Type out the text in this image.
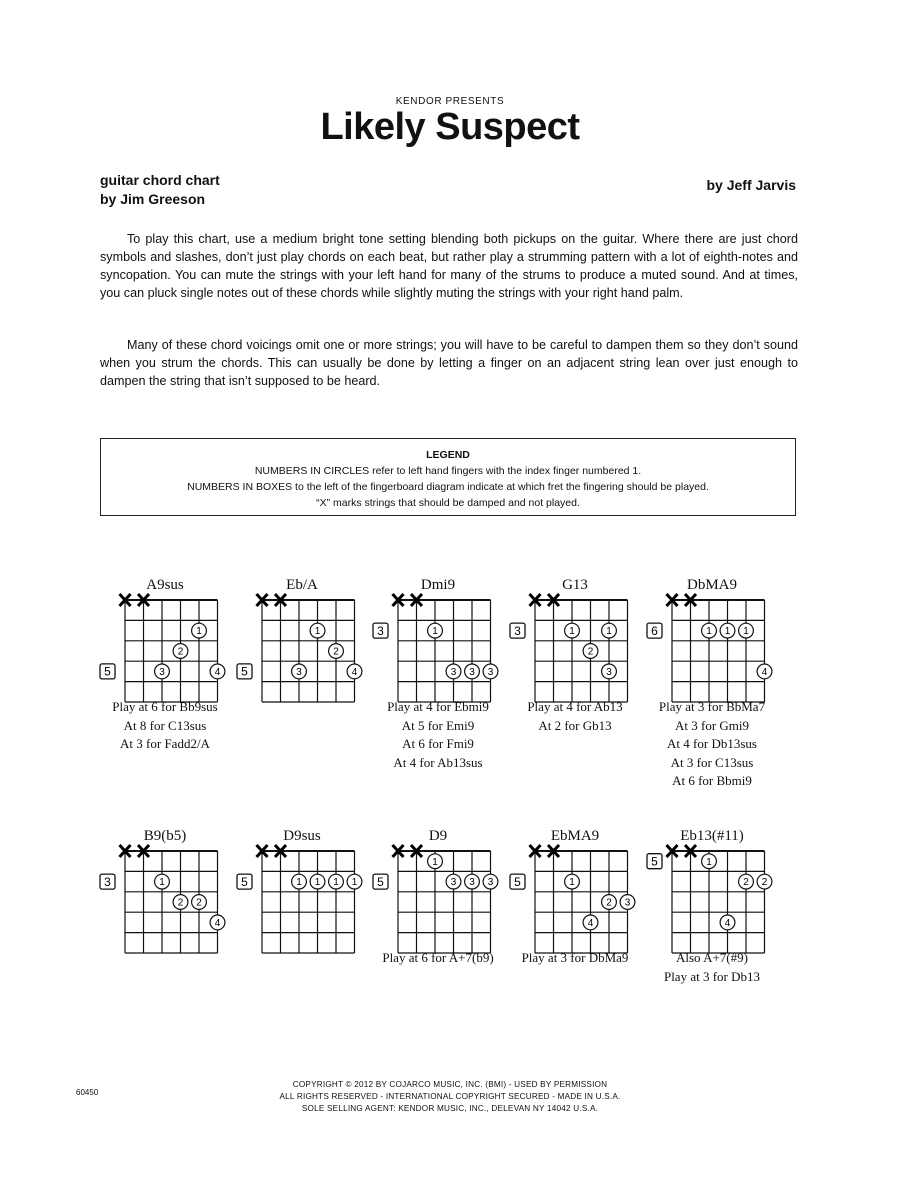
KENDOR PRESENTS
Likely Suspect
guitar chord chart
by Jim Greeson
by Jeff Jarvis

To play this chart, use a medium bright tone setting blending both pickups on the guitar. Where there are just chord symbols and slashes, don’t just play chords on each beat, but rather play a strumming pattern with a lot of eighth-notes and syncopation. You can mute the strings with your left hand for many of the strums to produce a muted sound. And at times, you can pluck single notes out of these chords while slightly muting the strings with your right hand palm.

Many of these chord voicings omit one or more strings; you will have to be careful to dampen them so they don’t sound when you strum the chords. This can usually be done by letting a finger on an adjacent string lean over just enough to dampen the string that isn’t supposed to be heard.

LEGEND
NUMBERS IN CIRCLES refer to left hand fingers with the index finger numbered 1.
NUMBERS IN BOXES to the left of the fingerboard diagram indicate at which fret the fingering should be played.
“X” marks strings that should be damped and not played.
5
1
2
3	4
A9sus
Play at 6 for Bb9sus
At 8 for C13sus
At 3 for Fadd2/A
5
1
2
3	4
Eb/A
3	1
3 3 3
Dmi9
Play at 4 for Ebmi9
At 5 for Emi9
At 6 for Fmi9
At 4 for Ab13sus
3	1	1
2
3
G13
Play at 4 for Ab13
At 2 for Gb13
6	1 1 1
4
DbMA9
Play at 3 for BbMa7
At 3 for Gmi9
At 4 for Db13sus
At 3 for C13sus
At 6 for Bbmi9
3	1
2 2
4
B9(b5)
5	1 1 1 1
D9sus
5
1
3 3 3
D9
Play at 6 for A+7(b9)
5	1
2 3
4
EbMA9
Play at 3 for DbMa9
5	1
2 2
4
Eb13(#11)
Also A+7(#9)
Play at 3 for Db13
60450
COPYRIGHT © 2012 BY COJARCO MUSIC, INC. (BMI) - USED BY PERMISSION
ALL RIGHTS RESERVED - INTERNATIONAL COPYRIGHT SECURED - MADE IN U.S.A.
SOLE SELLING AGENT: KENDOR MUSIC, INC., DELEVAN NY 14042 U.S.A.
